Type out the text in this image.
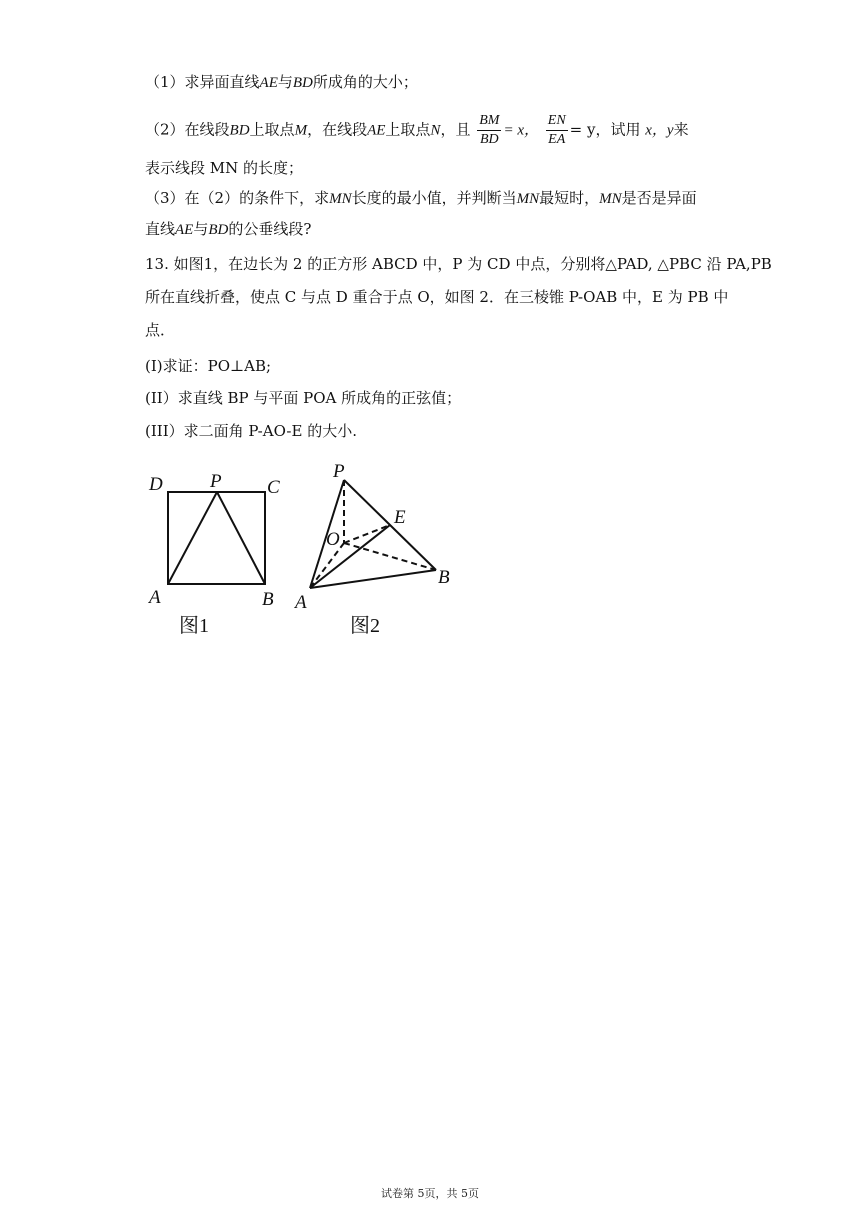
（1）求异面直线AE与BD所成角的大小；
（2）在线段BD上取点M，在线段AE上取点N，且 $\frac{BM}{BD} = x$， $\frac{EN}{EA} = y$，试用 x，y来
表示线段 MN 的长度；
（3）在（2）的条件下，求MN长度的最小值，并判断当MN最短时，MN是否是异面
直线AE与BD的公垂线段?
13. 如图1，在边长为 2 的正方形 ABCD 中，P 为 CD 中点，分别将△PAD, △PBC 沿 PA,PB
所在直线折叠，使点 C 与点 D 重合于点 O，如图 2．在三棱锥 P-OAB 中，E 为 PB 中
点．
(I)求证：PO⊥AB;
(II）求直线 BP 与平面 POA 所成角的正弦值；
(III）求二面角 P-AO-E 的大小.
D P C
A	B
图1
P
E
O
A
B
图2
试卷第 5页，共 5页
